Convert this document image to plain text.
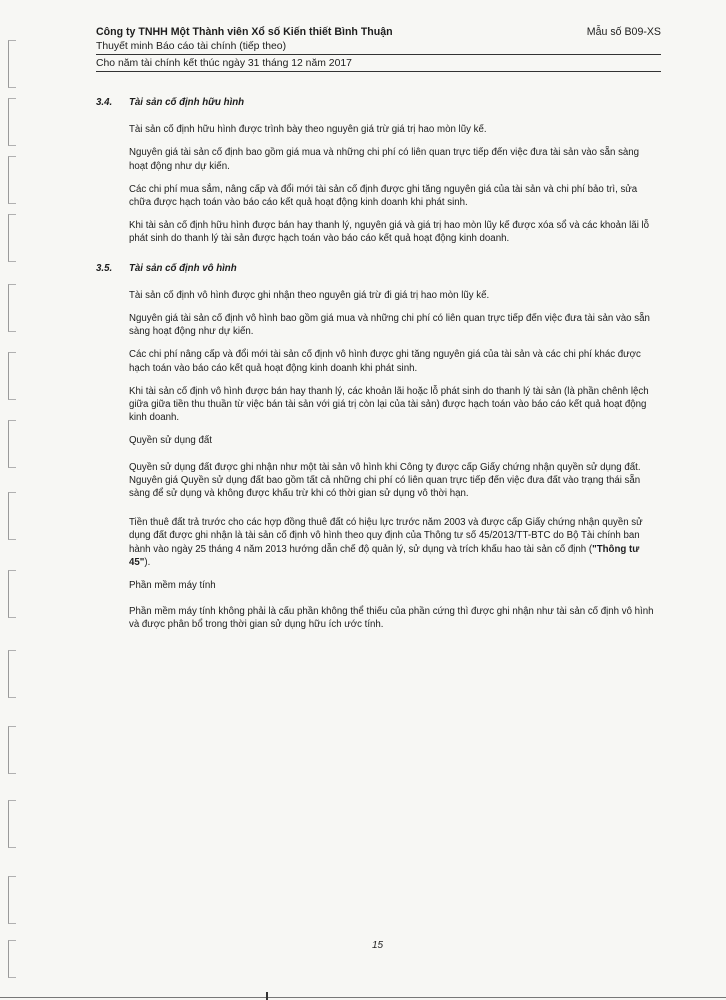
Công ty TNHH Một Thành viên Xổ số Kiến thiết Bình Thuận	Mẫu số B09-XS
Thuyết minh Báo cáo tài chính (tiếp theo)
Cho năm tài chính kết thúc ngày 31 tháng 12 năm 2017
3.4. Tài sản cố định hữu hình

Tài sản cố định hữu hình được trình bày theo nguyên giá trừ giá trị hao mòn lũy kế.

Nguyên giá tài sản cố định bao gồm giá mua và những chi phí có liên quan trực tiếp đến việc đưa tài sản vào sẵn sàng hoạt động như dự kiến.

Các chi phí mua sắm, nâng cấp và đổi mới tài sản cố định được ghi tăng nguyên giá của tài sản và chi phí bảo trì, sửa chữa được hạch toán vào báo cáo kết quả hoạt động kinh doanh khi phát sinh.

Khi tài sản cố định hữu hình được bán hay thanh lý, nguyên giá và giá trị hao mòn lũy kế được xóa sổ và các khoản lãi lỗ phát sinh do thanh lý tài sản được hạch toán vào báo cáo kết quả hoạt động kinh doanh.

3.5. Tài sản cố định vô hình

Tài sản cố định vô hình được ghi nhận theo nguyên giá trừ đi giá trị hao mòn lũy kế.

Nguyên giá tài sản cố định vô hình bao gồm giá mua và những chi phí có liên quan trực tiếp đến việc đưa tài sản vào sẵn sàng hoạt động như dự kiến.

Các chi phí nâng cấp và đổi mới tài sản cố định vô hình được ghi tăng nguyên giá của tài sản và các chi phí khác được hạch toán vào báo cáo kết quả hoạt động kinh doanh khi phát sinh.

Khi tài sản cố định vô hình được bán hay thanh lý, các khoản lãi hoặc lỗ phát sinh do thanh lý tài sản (là phần chênh lệch giữa giữa tiền thu thuần từ việc bán tài sản với giá trị còn lại của tài sản) được hạch toán vào báo cáo kết quả hoạt động kinh doanh.

Quyền sử dụng đất

Quyền sử dụng đất được ghi nhận như một tài sản vô hình khi Công ty được cấp Giấy chứng nhận quyền sử dụng đất. Nguyên giá Quyền sử dụng đất bao gồm tất cả những chi phí có liên quan trực tiếp đến việc đưa đất vào trạng thái sẵn sàng để sử dụng và không được khấu trừ khi có thời gian sử dụng vô thời hạn.

Tiền thuê đất trả trước cho các hợp đồng thuê đất có hiệu lực trước năm 2003 và được cấp Giấy chứng nhận quyền sử dụng đất được ghi nhận là tài sản cố định vô hình theo quy định của Thông tư số 45/2013/TT-BTC do Bộ Tài chính ban hành vào ngày 25 tháng 4 năm 2013 hướng dẫn chế độ quản lý, sử dụng và trích khấu hao tài sản cố định ("Thông tư 45").

Phần mềm máy tính

Phần mềm máy tính không phải là cấu phần không thể thiếu của phần cứng thì được ghi nhận như tài sản cố định vô hình và được phân bổ trong thời gian sử dụng hữu ích ước tính.

15
